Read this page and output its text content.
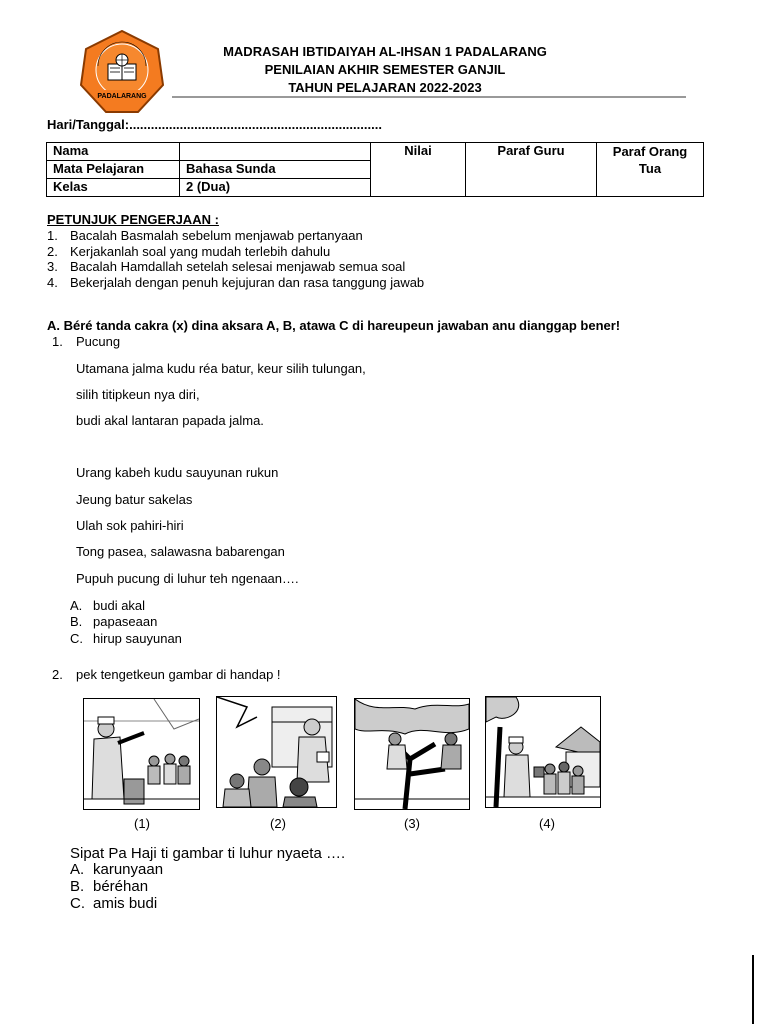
PADALARANG
MADRASAH IBTIDAIYAH AL-IHSAN 1 PADALARANG
PENILAIAN AKHIR SEMESTER GANJIL
TAHUN PELAJARAN 2022-2023
Hari/Tanggal:......................................................................
Nama		Nilai	Paraf Guru	Paraf Orang
Tua
Mata Pelajaran	Bahasa Sunda			
Kelas	2 (Dua)			
PETUNJUK PENGERJAAN :
1. Bacalah Basmalah sebelum menjawab pertanyaan
2. Kerjakanlah soal yang mudah terlebih dahulu
3. Bacalah Hamdallah setelah selesai menjawab semua soal
4. Bekerjalah dengan penuh kejujuran dan rasa tanggung jawab
A. Béré tanda cakra (x) dina aksara A, B, atawa C di hareupeun jawaban anu dianggap bener!
1. Pucung
Utamana jalma kudu réa batur, keur silih tulungan,
silih titipkeun nya diri,
budi akal lantaran papada jalma.
Urang kabeh kudu sauyunan rukun
Jeung batur sakelas
Ulah sok pahiri-hiri
Tong pasea, salawasna babarengan
Pupuh pucung di luhur teh ngenaan….
A. budi akal
B. papaseaan
C. hirup sauyunan
2. pek tengetkeun gambar di handap !
(1)	(2)	(3)	(4)
Sipat Pa Haji ti gambar ti luhur nyaeta ….
A. karunyaan
B. béréhan
C. amis budi
